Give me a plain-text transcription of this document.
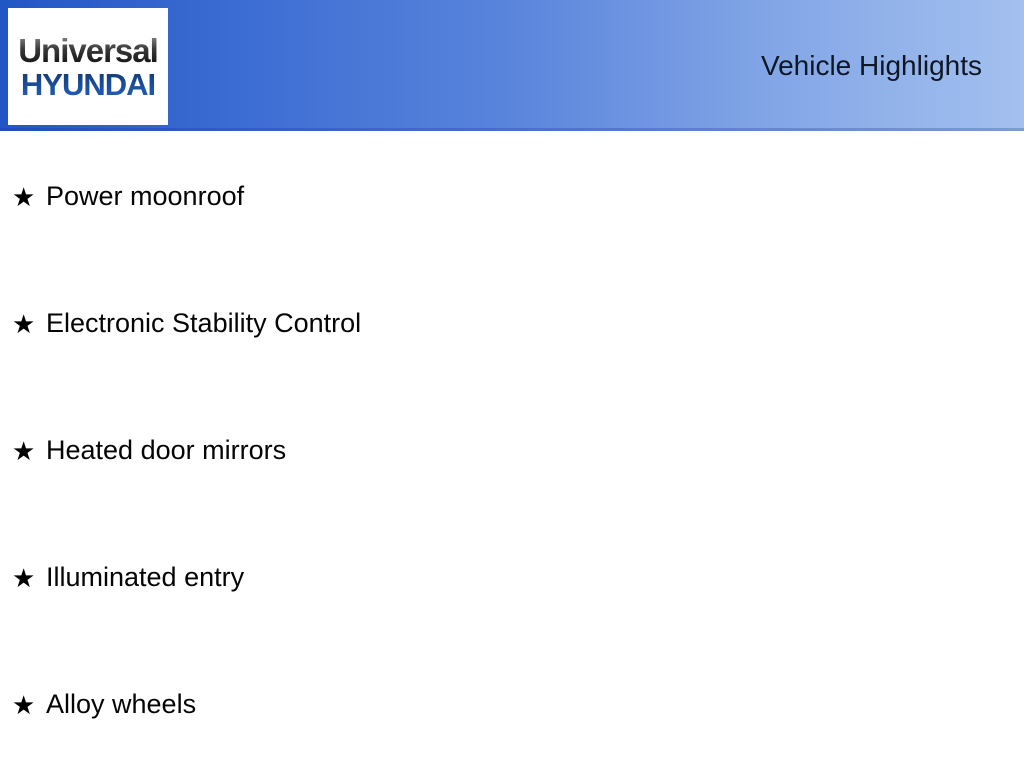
Universal
HYUNDAI
Vehicle Highlights
★ Power moonroof
★ Electronic Stability Control
★ Heated door mirrors
★ Illuminated entry
★ Alloy wheels
